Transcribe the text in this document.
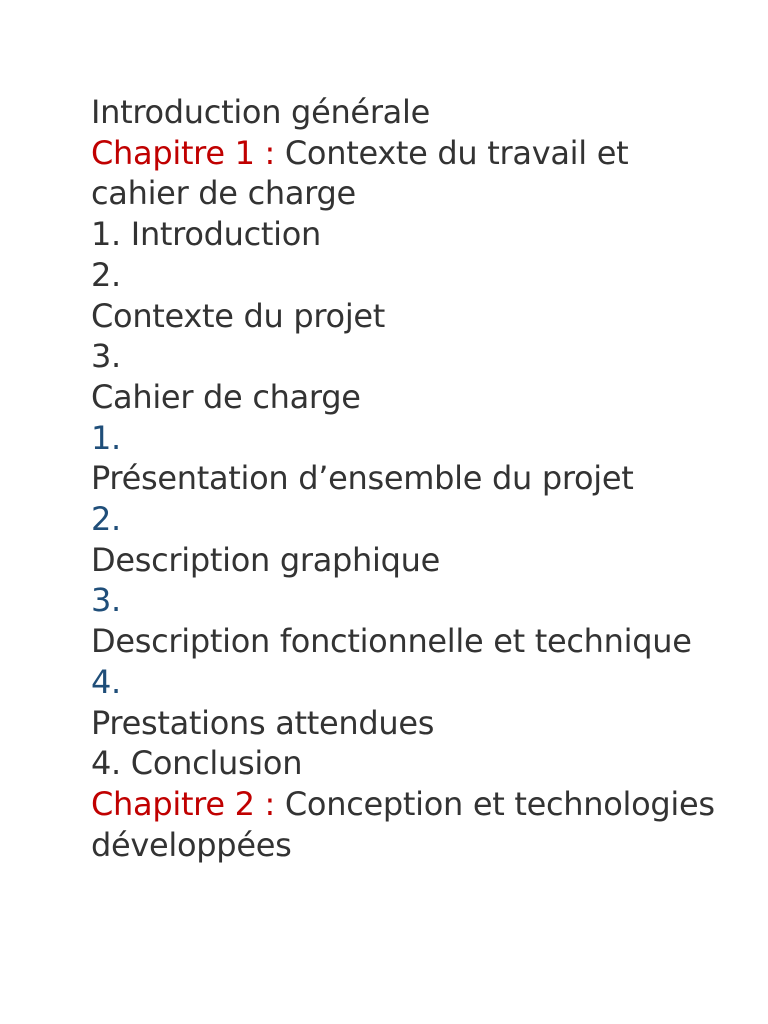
Introduction générale
Chapitre 1 : Contexte du travail et cahier de charge
1. Introduction
2.
Contexte du projet
3.
Cahier de charge
1.
Présentation d’ensemble du projet
2.
Description graphique
3.
Description fonctionnelle et technique
4.
Prestations attendues
4. Conclusion
Chapitre 2 : Conception et technologies développées
